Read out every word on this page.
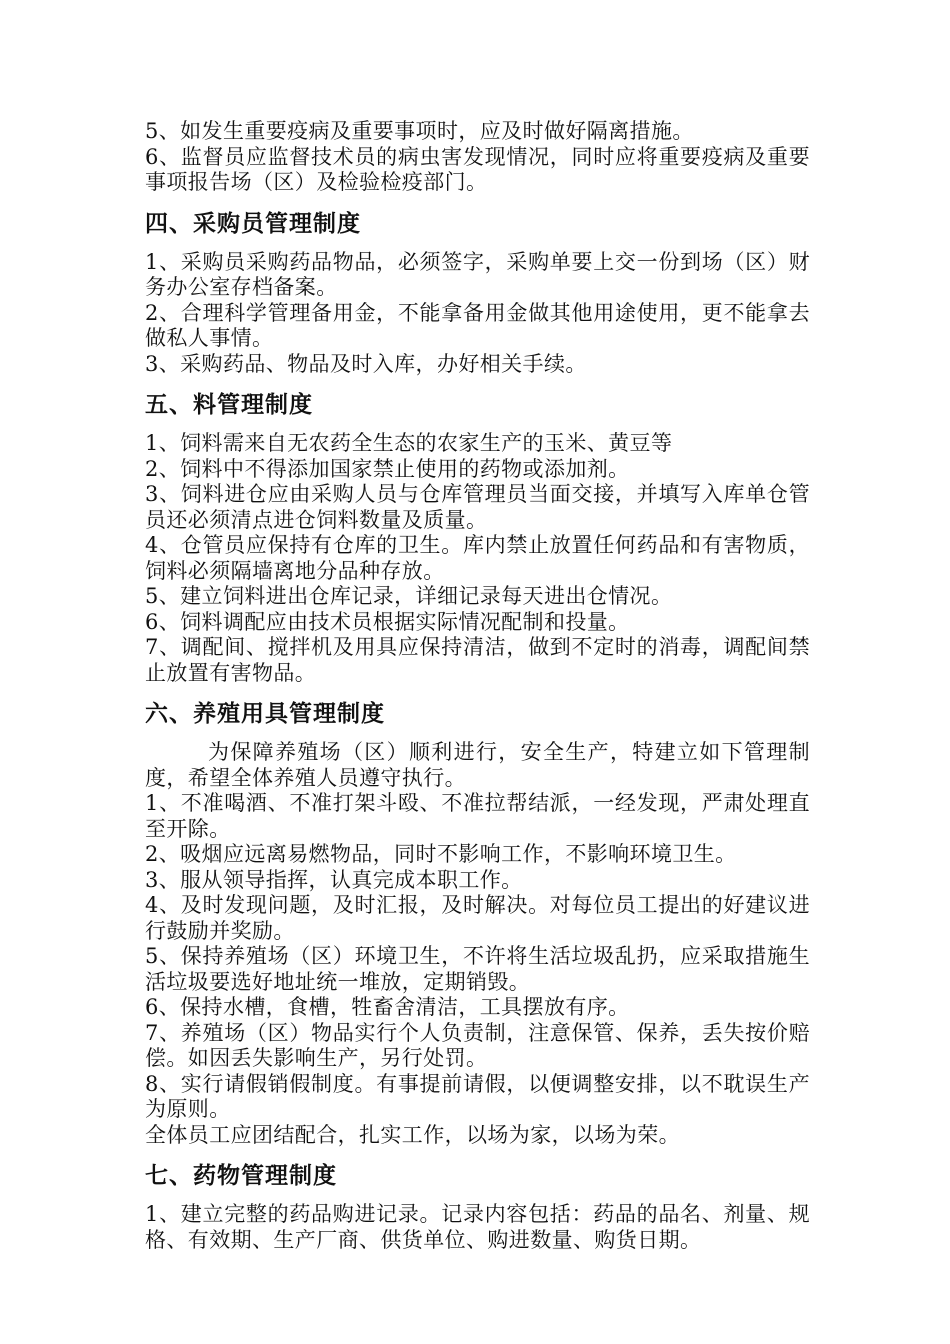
5、如发生重要疫病及重要事项时，应及时做好隔离措施。

6、监督员应监督技术员的病虫害发现情况，同时应将重要疫病及重要事项报告场（区）及检验检疫部门。

四、采购员管理制度

1、采购员采购药品物品，必须签字，采购单要上交一份到场（区）财务办公室存档备案。

2、合理科学管理备用金，不能拿备用金做其他用途使用，更不能拿去做私人事情。

3、采购药品、物品及时入库，办好相关手续。

五、料管理制度

1、饲料需来自无农药全生态的农家生产的玉米、黄豆等

2、饲料中不得添加国家禁止使用的药物或添加剂。

3、饲料进仓应由采购人员与仓库管理员当面交接，并填写入库单仓管员还必须清点进仓饲料数量及质量。

4、仓管员应保持有仓库的卫生。库内禁止放置任何药品和有害物质，饲料必须隔墙离地分品种存放。

5、建立饲料进出仓库记录，详细记录每天进出仓情况。

6、饲料调配应由技术员根据实际情况配制和投量。

7、调配间、搅拌机及用具应保持清洁，做到不定时的消毒，调配间禁止放置有害物品。

六、养殖用具管理制度

为保障养殖场（区）顺利进行，安全生产，特建立如下管理制度，希望全体养殖人员遵守执行。

1、不准喝酒、不准打架斗殴、不准拉帮结派，一经发现，严肃处理直至开除。

2、吸烟应远离易燃物品，同时不影响工作，不影响环境卫生。

3、服从领导指挥，认真完成本职工作。

4、及时发现问题，及时汇报，及时解决。对每位员工提出的好建议进行鼓励并奖励。

5、保持养殖场（区）环境卫生，不许将生活垃圾乱扔，应采取措施生活垃圾要选好地址统一堆放，定期销毁。

6、保持水槽，食槽，牲畜舍清洁，工具摆放有序。

7、养殖场（区）物品实行个人负责制，注意保管、保养，丢失按价赔偿。如因丢失影响生产，另行处罚。

8、实行请假销假制度。有事提前请假，以便调整安排，以不耽误生产为原则。

全体员工应团结配合，扎实工作，以场为家，以场为荣。

七、药物管理制度

1、建立完整的药品购进记录。记录内容包括：药品的品名、剂量、规格、有效期、生产厂商、供货单位、购进数量、购货日期。
